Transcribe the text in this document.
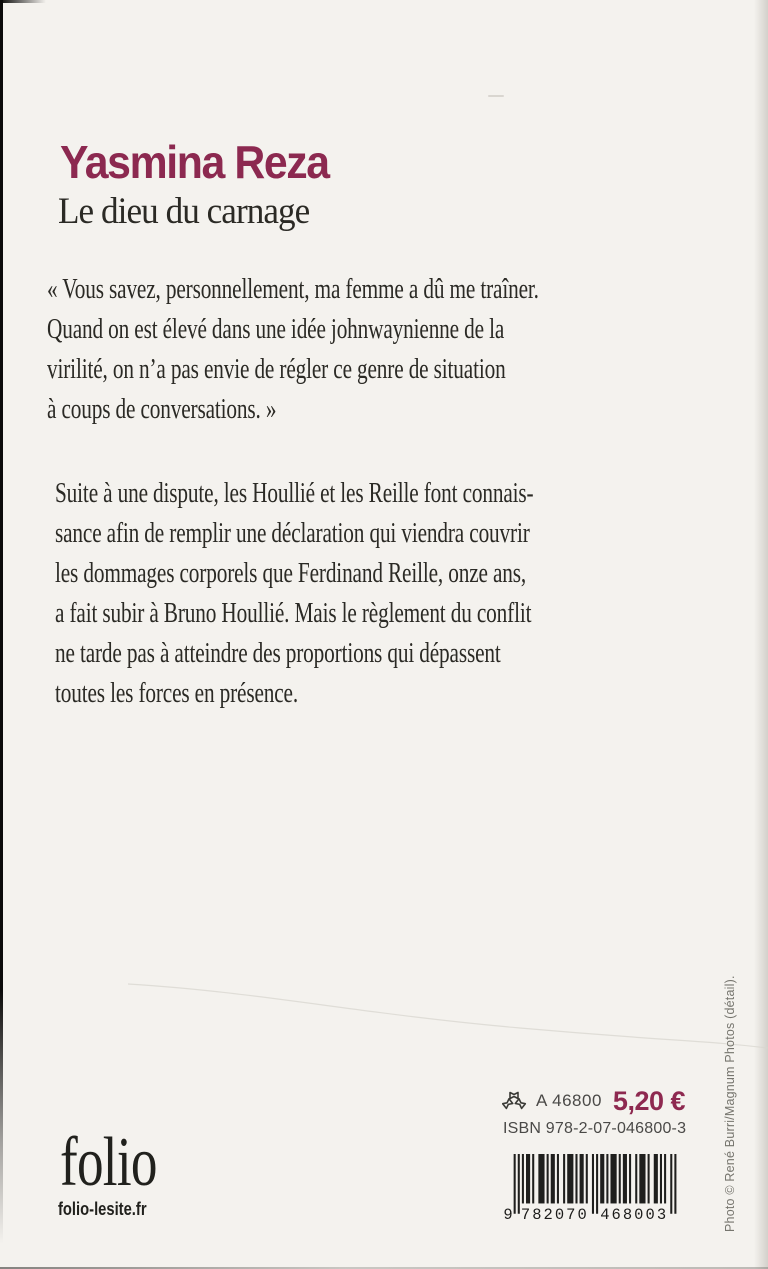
Yasmina Reza
Le dieu du carnage
« Vous savez, personnellement, ma femme a dû me traîner.
Quand on est élevé dans une idée johnwaynienne de la
virilité, on n’a pas envie de régler ce genre de situation
à coups de conversations. »
Suite à une dispute, les Houllié et les Reille font connais-
sance afin de remplir une déclaration qui viendra couvrir
les dommages corporels que Ferdinand Reille, onze ans,
a fait subir à Bruno Houllié. Mais le règlement du conflit
ne tarde pas à atteindre des proportions qui dépassent
toutes les forces en présence.
folio
folio-lesite.fr
A 46800 5,20 €
ISBN 978-2-07-046800-3
9 782070 468003	Photo © René Burri/Magnum Photos (détail).
